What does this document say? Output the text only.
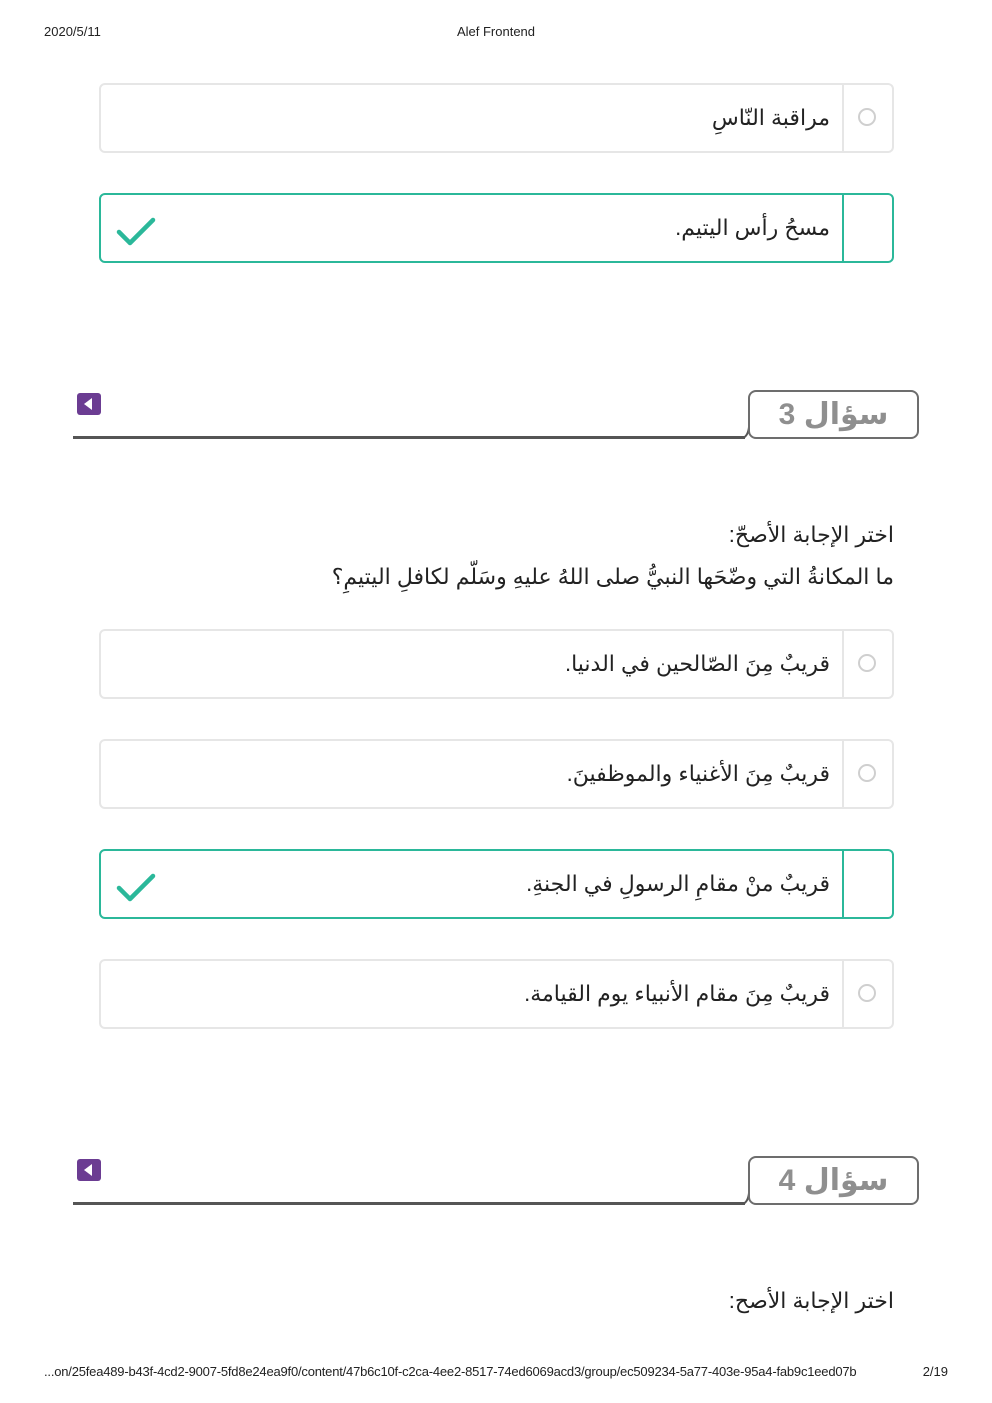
2020/5/11	Alef Frontend
مراقبة النّاسِ
مسحُ رأس اليتيم.
سؤال 3
اختر الإجابة الأصحّ:
ما المكانةُ التي وضّحَها النبيُّ صلى اللهُ عليهِ وسَلّم لكافلِ اليتيمِ؟
قريبٌ مِنَ الصّالحين في الدنيا.
قريبٌ مِنَ الأغنياء والموظفينَ.
قريبٌ منْ مقامِ الرسولِ في الجنةِ.
قريبٌ مِنَ مقام الأنبياء يوم القيامة.
سؤال 4
اختر الإجابة الأصح:
...on/25fea489-b43f-4cd2-9007-5fd8e24ea9f0/content/47b6c10f-c2ca-4ee2-8517-74ed6069acd3/group/ec509234-5a77-403e-95a4-fab9c1eed07b	2/19
